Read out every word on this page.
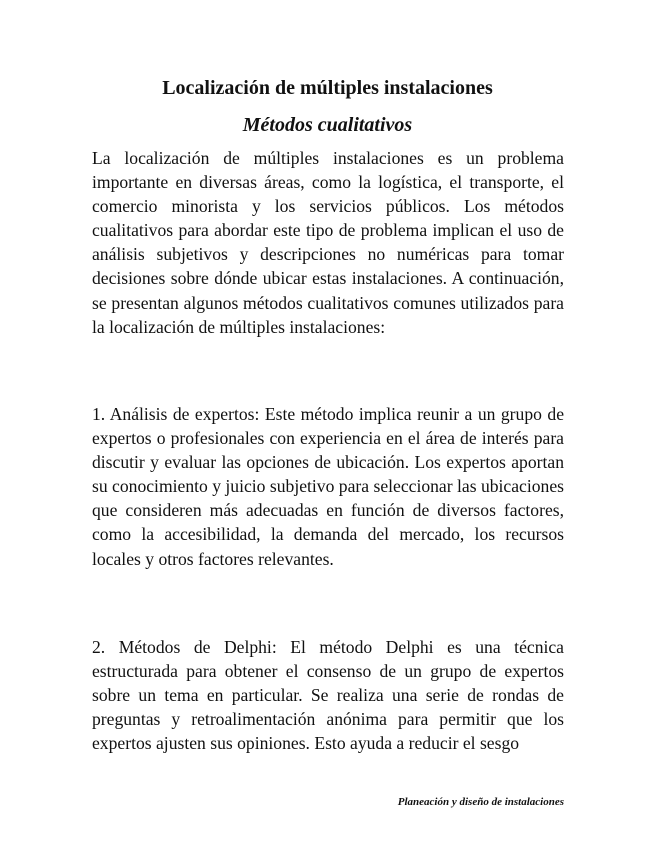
Localización de múltiples instalaciones
Métodos cualitativos

La localización de múltiples instalaciones es un problema importante en diversas áreas, como la logística, el transporte, el comercio minorista y los servicios públicos. Los métodos cualitativos para abordar este tipo de problema implican el uso de análisis subjetivos y descripciones no numéricas para tomar decisiones sobre dónde ubicar estas instalaciones. A continuación, se presentan algunos métodos cualitativos comunes utilizados para la localización de múltiples instalaciones:

1. Análisis de expertos: Este método implica reunir a un grupo de expertos o profesionales con experiencia en el área de interés para discutir y evaluar las opciones de ubicación. Los expertos aportan su conocimiento y juicio subjetivo para seleccionar las ubicaciones que consideren más adecuadas en función de diversos factores, como la accesibilidad, la demanda del mercado, los recursos locales y otros factores relevantes.

2. Métodos de Delphi: El método Delphi es una técnica estructurada para obtener el consenso de un grupo de expertos sobre un tema en particular. Se realiza una serie de rondas de preguntas y retroalimentación anónima para permitir que los expertos ajusten sus opiniones. Esto ayuda a reducir el sesgo

Planeación y diseño de instalaciones
